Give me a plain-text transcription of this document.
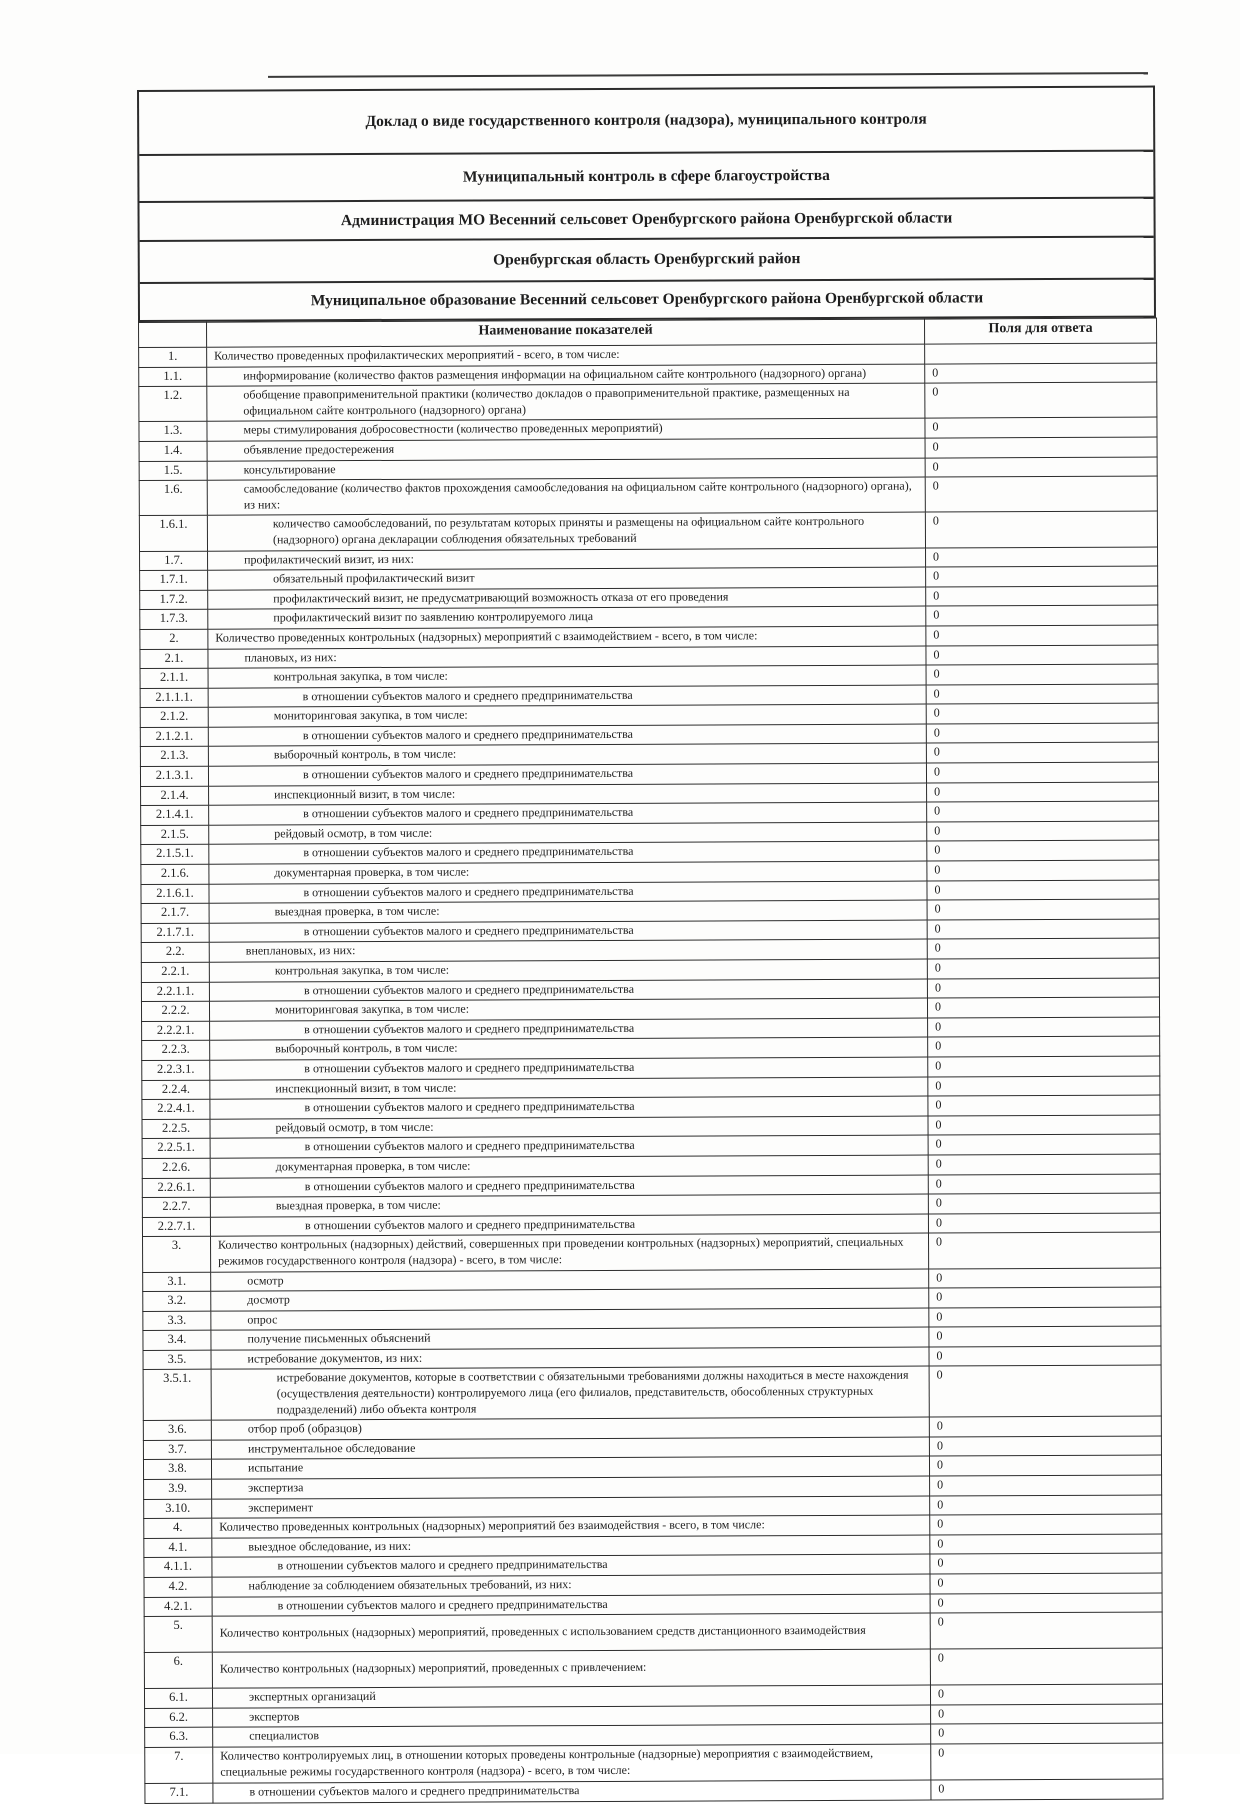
Доклад о виде государственного контроля (надзора), муниципального контроля
Муниципальный контроль в сфере благоустройства
Администрация МО Весенний сельсовет Оренбургского района Оренбургской области
Оренбургская область Оренбургский район
Муниципальное образование Весенний сельсовет Оренбургского района Оренбургской области
	Наименование показателей	Поля для ответа
1.	Количество проведенных профилактических мероприятий - всего, в том числе:	
1.1.	информирование (количество фактов размещения информации на официальном сайте контрольного (надзорного) органа)	0
1.2.	обобщение правоприменительной практики (количество докладов о правоприменительной практике, размещенных на официальном сайте контрольного (надзорного) органа)	0
1.3.	меры стимулирования добросовестности (количество проведенных мероприятий)	0
1.4.	объявление предостережения	0
1.5.	консультирование	0
1.6.	самообследование (количество фактов прохождения самообследования на официальном сайте контрольного (надзорного) органа), из них:	0
1.6.1.	количество самообследований, по результатам которых приняты и размещены на официальном сайте контрольного (надзорного) органа декларации соблюдения обязательных требований	0
1.7.	профилактический визит, из них:	0
1.7.1.	обязательный профилактический визит	0
1.7.2.	профилактический визит, не предусматривающий возможность отказа от его проведения	0
1.7.3.	профилактический визит по заявлению контролируемого лица	0
2.	Количество проведенных контрольных (надзорных) мероприятий с взаимодействием - всего, в том числе:	0
2.1.	плановых, из них:	0
2.1.1.	контрольная закупка, в том числе:	0
2.1.1.1.	в отношении субъектов малого и среднего предпринимательства	0
2.1.2.	мониторинговая закупка, в том числе:	0
2.1.2.1.	в отношении субъектов малого и среднего предпринимательства	0
2.1.3.	выборочный контроль, в том числе:	0
2.1.3.1.	в отношении субъектов малого и среднего предпринимательства	0
2.1.4.	инспекционный визит, в том числе:	0
2.1.4.1.	в отношении субъектов малого и среднего предпринимательства	0
2.1.5.	рейдовый осмотр, в том числе:	0
2.1.5.1.	в отношении субъектов малого и среднего предпринимательства	0
2.1.6.	документарная проверка, в том числе:	0
2.1.6.1.	в отношении субъектов малого и среднего предпринимательства	0
2.1.7.	выездная проверка, в том числе:	0
2.1.7.1.	в отношении субъектов малого и среднего предпринимательства	0
2.2.	внеплановых, из них:	0
2.2.1.	контрольная закупка, в том числе:	0
2.2.1.1.	в отношении субъектов малого и среднего предпринимательства	0
2.2.2.	мониторинговая закупка, в том числе:	0
2.2.2.1.	в отношении субъектов малого и среднего предпринимательства	0
2.2.3.	выборочный контроль, в том числе:	0
2.2.3.1.	в отношении субъектов малого и среднего предпринимательства	0
2.2.4.	инспекционный визит, в том числе:	0
2.2.4.1.	в отношении субъектов малого и среднего предпринимательства	0
2.2.5.	рейдовый осмотр, в том числе:	0
2.2.5.1.	в отношении субъектов малого и среднего предпринимательства	0
2.2.6.	документарная проверка, в том числе:	0
2.2.6.1.	в отношении субъектов малого и среднего предпринимательства	0
2.2.7.	выездная проверка, в том числе:	0
2.2.7.1.	в отношении субъектов малого и среднего предпринимательства	0
3.	Количество контрольных (надзорных) действий, совершенных при проведении контрольных (надзорных) мероприятий, специальных режимов государственного контроля (надзора) - всего, в том числе:	0
3.1.	осмотр	0
3.2.	досмотр	0
3.3.	опрос	0
3.4.	получение письменных объяснений	0
3.5.	истребование документов, из них:	0
3.5.1.	истребование документов, которые в соответствии с обязательными требованиями должны находиться в месте нахождения (осуществления деятельности) контролируемого лица (его филиалов, представительств, обособленных структурных подразделений) либо объекта контроля	0
3.6.	отбор проб (образцов)	0
3.7.	инструментальное обследование	0
3.8.	испытание	0
3.9.	экспертиза	0
3.10.	эксперимент	0
4.	Количество проведенных контрольных (надзорных) мероприятий без взаимодействия - всего, в том числе:	0
4.1.	выездное обследование, из них:	0
4.1.1.	в отношении субъектов малого и среднего предпринимательства	0
4.2.	наблюдение за соблюдением обязательных требований, из них:	0
4.2.1.	в отношении субъектов малого и среднего предпринимательства	0
5.	Количество контрольных (надзорных) мероприятий, проведенных с использованием средств дистанционного взаимодействия	0
6.	Количество контрольных (надзорных) мероприятий, проведенных с привлечением:	0
6.1.	экспертных организаций	0
6.2.	экспертов	0
6.3.	специалистов	0
7.	Количество контролируемых лиц, в отношении которых проведены контрольные (надзорные) мероприятия с взаимодействием, специальные режимы государственного контроля (надзора) - всего, в том числе:	0
7.1.	в отношении субъектов малого и среднего предпринимательства	0
